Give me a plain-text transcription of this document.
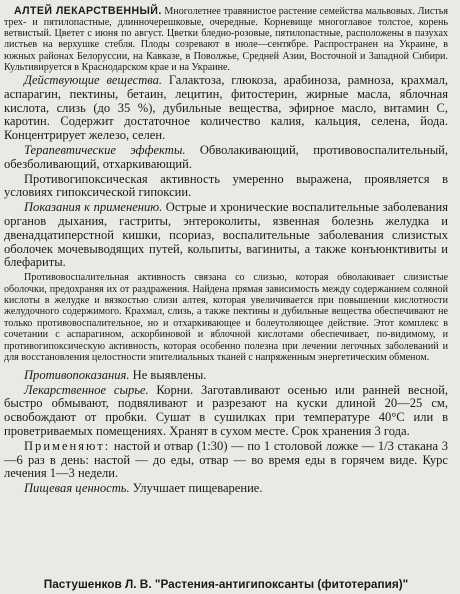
АЛТЕЙ ЛЕКАРСТВЕННЫЙ. Многолетнее травянистое растение семейства мальвовых. Листья трех- и пятилопастные, длинночерешковые, очередные. Корневище многоглавое толстое, корень ветвистый. Цветет с июня по август. Цветки бледно-розовые, пятилопастные, расположены в пазухах листьев на верхушке стебля. Плоды созревают в июле—сентябре. Распространен на Украине, в южных районах Белоруссии, на Кавказе, в Поволжье, Средней Азии, Восточной и Западной Сибири. Культивируется в Краснодарском крае и на Украине.

Действующие вещества. Галактоза, глюкоза, арабиноза, рамноза, крахмал, аспарагин, пектины, бетаин, лецитин, фитостерин, жирные масла, яблочная кислота, слизь (до 35 %), дубильные вещества, эфирное масло, витамин С, каротин. Содержит достаточное количество калия, кальция, селена, йода. Концентрирует железо, селен.

Терапевтические эффекты. Обволакивающий, противовоспалительный, обезболивающий, отхаркивающий.

Противогипоксическая активность умеренно выражена, проявляется в условиях гипоксической гипоксии.

Показания к применению. Острые и хронические воспалительные заболевания органов дыхания, гастриты, энтероколиты, язвенная болезнь желудка и двенадцатиперстной кишки, псориаз, воспалительные заболевания слизистых оболочек мочевыводящих путей, кольпиты, вагиниты, а также конъюнктивиты и блефариты.

Противовоспалительная активность связана со слизью, которая обволакивает слизистые оболочки, предохраняя их от раздражения. Найдена прямая зависимость между содержанием соляной кислоты в желудке и вязкостью слизи алтея, которая увеличивается при повышении кислотности желудочного содержимого. Крахмал, слизь, а также пектины и дубильные вещества обеспечивают не только противовоспалительное, но и отхаркивающее и болеутоляющее действие. Этот комплекс в сочетании с аспарагином, аскорбиновой и яблочной кислотами обеспечивает, по-видимому, и противогипоксическую активность, которая особенно полезна при лечении легочных заболеваний и для восстановления целостности эпителиальных тканей с напряженным энергетическим обменом.

Противопоказания. Не выявлены.

Лекарственное сырье. Корни. Заготавливают осенью или ранней весной, быстро обмывают, подвяливают и разрезают на куски длиной 20—25 см, освобождают от пробки. Сушат в сушилках при температуре 40°С или в проветриваемых помещениях. Хранят в сухом месте. Срок хранения 3 года.

Применяют: настой и отвар (1:30) — по 1 столовой ложке — 1/3 стакана 3—6 раз в день: настой — до еды, отвар — во время еды в горячем виде. Курс лечения 1—3 недели.

Пищевая ценность. Улучшает пищеварение.

Пастушенков Л. В. "Растения-антигипоксанты (фитотерапия)"
